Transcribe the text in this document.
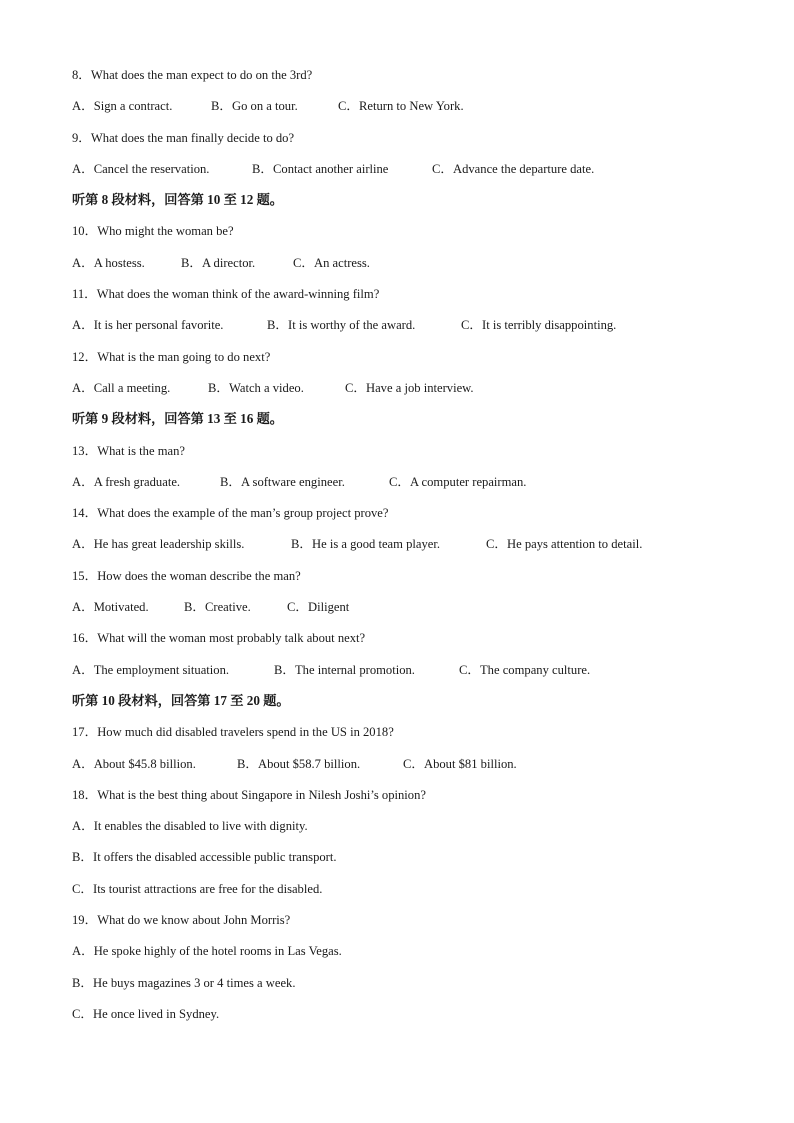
8．What does the man expect to do on the 3rd?
A．Sign a contract.	B．Go on a tour.	C．Return to New York.
9．What does the man finally decide to do?
A．Cancel the reservation.	B．Contact another airline	C．Advance the departure date.
听第 8 段材料，回答第 10 至 12 题。
10．Who might the woman be?
A．A hostess.	B．A director.	C．An actress.
11．What does the woman think of the award-winning film?
A．It is her personal favorite.	B．It is worthy of the award.	C．It is terribly disappointing.
12．What is the man going to do next?
A．Call a meeting.	B．Watch a video.	C．Have a job interview.
听第 9 段材料，回答第 13 至 16 题。
13．What is the man?
A．A fresh graduate.	B．A software engineer.	C．A computer repairman.
14．What does the example of the man’s group project prove?
A．He has great leadership skills.	B．He is a good team player.	C．He pays attention to detail.
15．How does the woman describe the man?
A．Motivated.	B．Creative.	C．Diligent
16．What will the woman most probably talk about next?
A．The employment situation.	B．The internal promotion.	C．The company culture.
听第 10 段材料，回答第 17 至 20 题。
17．How much did disabled travelers spend in the US in 2018?
A．About $45.8 billion.	B．About $58.7 billion.	C．About $81 billion.
18．What is the best thing about Singapore in Nilesh Joshi’s opinion?
A．It enables the disabled to live with dignity.
B．It offers the disabled accessible public transport.
C．Its tourist attractions are free for the disabled.
19．What do we know about John Morris?
A．He spoke highly of the hotel rooms in Las Vegas.
B．He buys magazines 3 or 4 times a week.
C．He once lived in Sydney.
